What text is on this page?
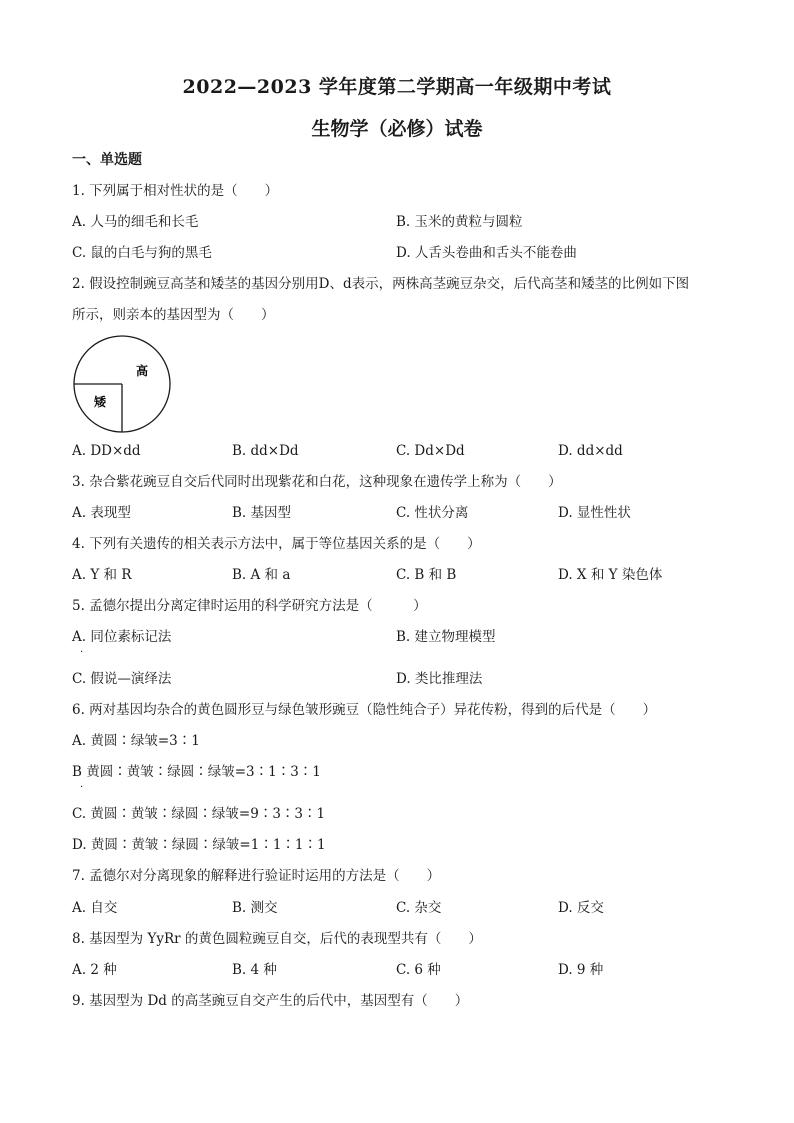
2022—2023 学年度第二学期高一年级期中考试
生物学（必修）试卷
一、单选题
1. 下列属于相对性状的是（　　）
A. 人马的细毛和长毛	B. 玉米的黄粒与圆粒
C. 鼠的白毛与狗的黑毛	D. 人舌头卷曲和舌头不能卷曲
2. 假设控制豌豆高茎和矮茎的基因分别用D、d表示，两株高茎豌豆杂交，后代高茎和矮茎的比例如下图
所示，则亲本的基因型为（　　）
高
矮
A. DD×dd	B. dd×Dd	C. Dd×Dd	D. dd×dd
3. 杂合紫花豌豆自交后代同时出现紫花和白花，这种现象在遗传学上称为（　　）
A. 表现型	B. 基因型	C. 性状分离	D. 显性性状
4. 下列有关遗传的相关表示方法中，属于等位基因关系的是（　　）
A. Y 和 R	B. A 和 a	C. B 和 B	D. X 和 Y 染色体
5. 孟德尔提出分离定律时运用的科学研究方法是（　　　）
A. 同位素标记法	B. 建立物理模型
·
C. 假说—演绎法	D. 类比推理法
6. 两对基因均杂合的黄色圆形豆与绿色皱形豌豆（隐性纯合子）异花传粉，得到的后代是（　　）
A. 黄圆∶绿皱=3∶1
B 黄圆∶黄皱∶绿圆∶绿皱=3∶1∶3∶1
·
C. 黄圆∶黄皱∶绿圆∶绿皱=9∶3∶3∶1
D. 黄圆∶黄皱∶绿圆∶绿皱=1∶1∶1∶1
7. 孟德尔对分离现象的解释进行验证时运用的方法是（　　）
A. 自交	B. 测交	C. 杂交	D. 反交
8. 基因型为 YyRr 的黄色圆粒豌豆自交，后代的表现型共有（　　）
A. 2 种	B. 4 种	C. 6 种	D. 9 种
9. 基因型为 Dd 的高茎豌豆自交产生的后代中，基因型有（　　）
